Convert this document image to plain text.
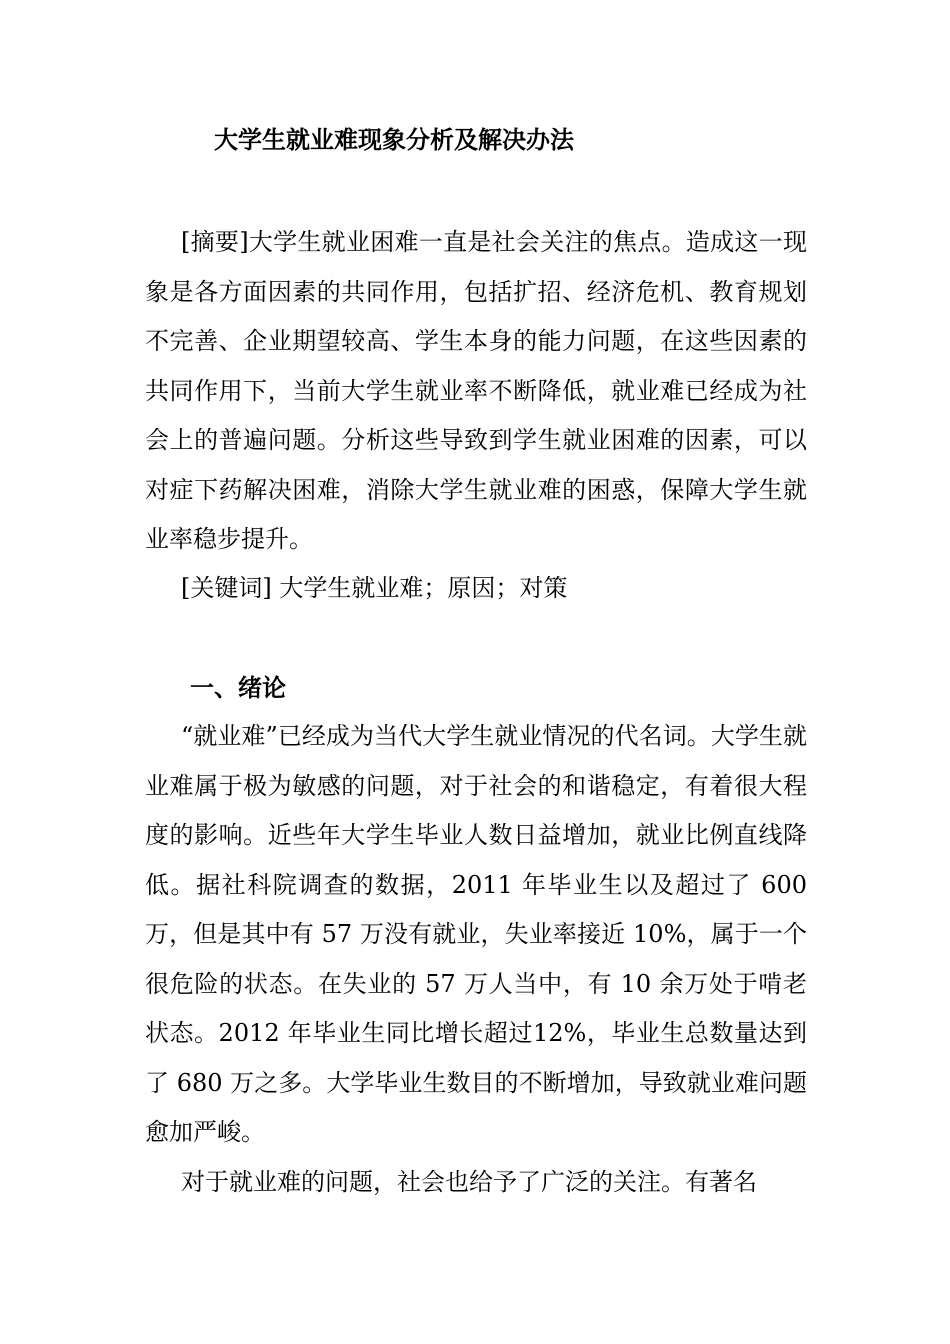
大学生就业难现象分析及解决办法

[摘要]大学生就业困难一直是社会关注的焦点。造成这一现象是各方面因素的共同作用，包括扩招、经济危机、教育规划不完善、企业期望较高、学生本身的能力问题，在这些因素的共同作用下，当前大学生就业率不断降低，就业难已经成为社会上的普遍问题。分析这些导致到学生就业困难的因素，可以对症下药解决困难，消除大学生就业难的困惑，保障大学生就业率稳步提升。

[关键词] 大学生就业难；原因；对策

一、绪论

“就业难”已经成为当代大学生就业情况的代名词。大学生就业难属于极为敏感的问题，对于社会的和谐稳定，有着很大程度的影响。近些年大学生毕业人数日益增加，就业比例直线降低。据社科院调查的数据，2011 年毕业生以及超过了 600 万，但是其中有 57 万没有就业，失业率接近 10%，属于一个很危险的状态。在失业的 57 万人当中，有 10 余万处于啃老状态。2012 年毕业生同比增长超过12%，毕业生总数量达到了 680 万之多。大学毕业生数目的不断增加，导致就业难问题愈加严峻。

对于就业难的问题，社会也给予了广泛的关注。有著名
